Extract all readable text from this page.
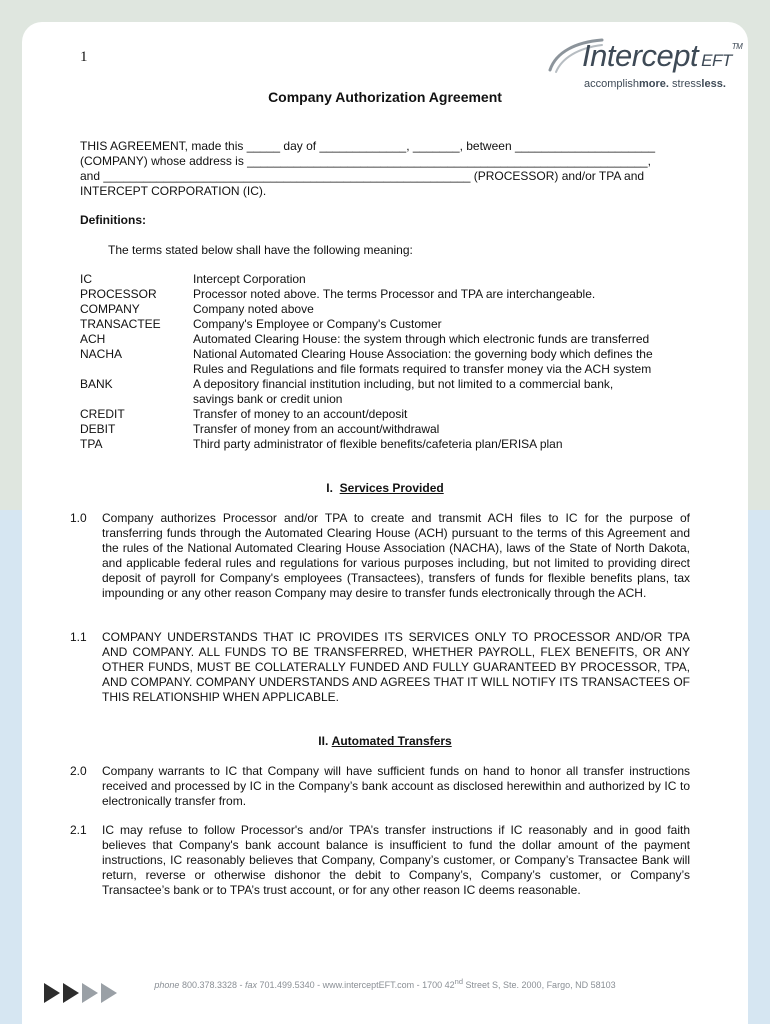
1	Intercept EFT™
accomplishmore. stressless.
Company Authorization Agreement
THIS AGREEMENT, made this _____ day of _____________, _______, between _____________________
(COMPANY) whose address is ____________________________________________________________,
and _______________________________________________________ (PROCESSOR) and/or TPA and
INTERCEPT CORPORATION (IC).
Definitions:
The terms stated below shall have the following meaning:
IC	Intercept Corporation
PROCESSOR	Processor noted above. The terms Processor and TPA are interchangeable.
COMPANY	Company noted above
TRANSACTEE	Company's Employee or Company's Customer
ACH	Automated Clearing House: the system through which electronic funds are transferred
NACHA	National Automated Clearing House Association: the governing body which defines the
Rules and Regulations and file formats required to transfer money via the ACH system
BANK	A depository financial institution including, but not limited to a commercial bank,
savings bank or credit union
CREDIT	Transfer of money to an account/deposit
DEBIT	Transfer of money from an account/withdrawal
TPA	Third party administrator of flexible benefits/cafeteria plan/ERISA plan
I. Services Provided
1.0	Company authorizes Processor and/or TPA to create and transmit ACH files to IC for the purpose of transferring funds through the Automated Clearing House (ACH) pursuant to the terms of this Agreement and the rules of the National Automated Clearing House Association (NACHA), laws of the State of North Dakota, and applicable federal rules and regulations for various purposes including, but not limited to providing direct deposit of payroll for Company's employees (Transactees), transfers of funds for flexible benefits plans, tax impounding or any other reason Company may desire to transfer funds electronically through the ACH.
1.1	COMPANY UNDERSTANDS THAT IC PROVIDES ITS SERVICES ONLY TO PROCESSOR AND/OR TPA AND COMPANY. ALL FUNDS TO BE TRANSFERRED, WHETHER PAYROLL, FLEX BENEFITS, OR ANY OTHER FUNDS, MUST BE COLLATERALLY FUNDED AND FULLY GUARANTEED BY PROCESSOR, TPA, AND COMPANY. COMPANY UNDERSTANDS AND AGREES THAT IT WILL NOTIFY ITS TRANSACTEES OF THIS RELATIONSHIP WHEN APPLICABLE.
II. Automated Transfers
2.0	Company warrants to IC that Company will have sufficient funds on hand to honor all transfer instructions received and processed by IC in the Company’s bank account as disclosed herewithin and authorized by IC to electronically transfer from.
2.1	IC may refuse to follow Processor's and/or TPA’s transfer instructions if IC reasonably and in good faith believes that Company's bank account balance is insufficient to fund the dollar amount of the payment instructions, IC reasonably believes that Company, Company’s customer, or Company’s Transactee Bank will return, reverse or otherwise dishonor the debit to Company’s, Company’s customer, or Company’s Transactee’s bank or to TPA’s trust account, or for any other reason IC deems reasonable.
phone 800.378.3328 - fax 701.499.5340 - www.interceptEFT.com - 1700 42nd Street S, Ste. 2000, Fargo, ND 58103
